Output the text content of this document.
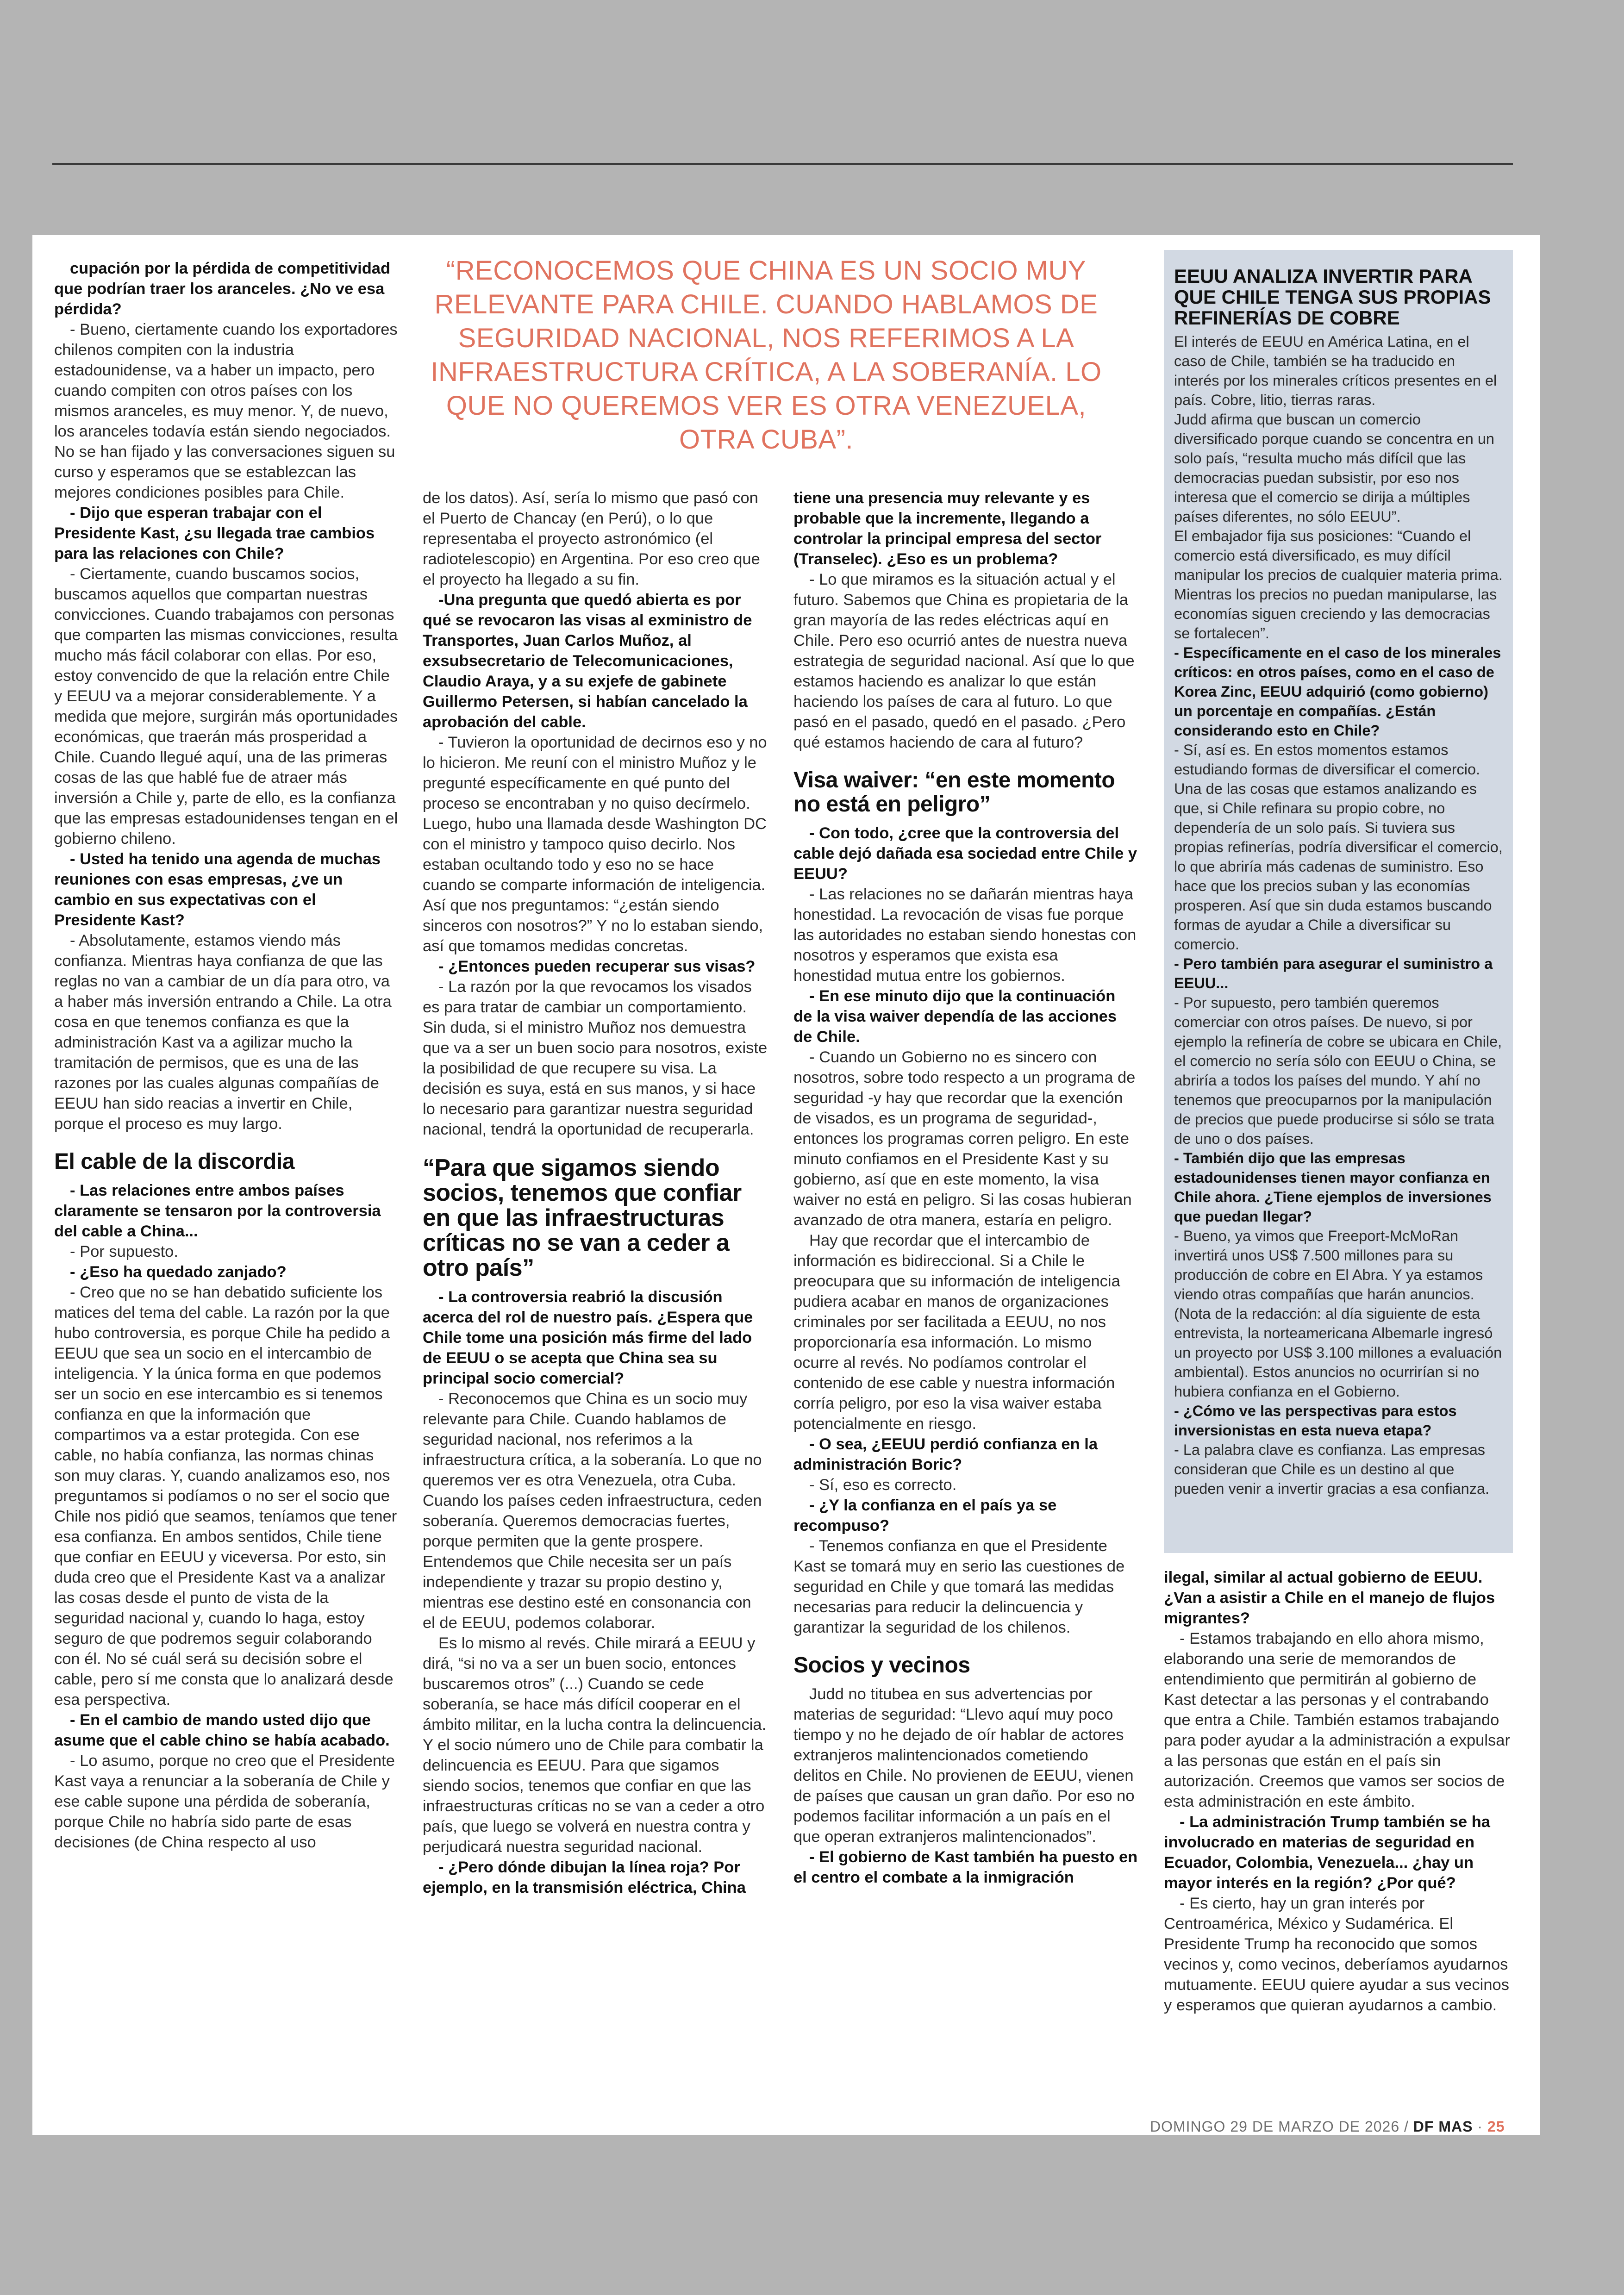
cupación por la pérdida de competitividad que podrían traer los aranceles. ¿No ve esa pérdida?

- Bueno, ciertamente cuando los exportadores chilenos compiten con la industria estadounidense, va a haber un impacto, pero cuando compiten con otros países con los mismos aranceles, es muy menor. Y, de nuevo, los aranceles todavía están siendo negociados. No se han fijado y las conversaciones siguen su curso y esperamos que se establezcan las mejores condiciones posibles para Chile.

- Dijo que esperan trabajar con el Presidente Kast, ¿su llegada trae cambios para las relaciones con Chile?

- Ciertamente, cuando buscamos socios, buscamos aquellos que compartan nuestras convicciones. Cuando trabajamos con personas que comparten las mismas convicciones, resulta mucho más fácil colaborar con ellas. Por eso, estoy convencido de que la relación entre Chile y EEUU va a mejorar considerablemente. Y a medida que mejore, surgirán más oportunidades económicas, que traerán más prosperidad a Chile. Cuando llegué aquí, una de las primeras cosas de las que hablé fue de atraer más inversión a Chile y, parte de ello, es la confianza que las empresas estadounidenses tengan en el gobierno chileno.

- Usted ha tenido una agenda de muchas reuniones con esas empresas, ¿ve un cambio en sus expectativas con el Presidente Kast?

- Absolutamente, estamos viendo más confianza. Mientras haya confianza de que las reglas no van a cambiar de un día para otro, va a haber más inversión entrando a Chile. La otra cosa en que tenemos confianza es que la administración Kast va a agilizar mucho la tramitación de permisos, que es una de las razones por las cuales algunas compañías de EEUU han sido reacias a invertir en Chile, porque el proceso es muy largo.

El cable de la discordia

- Las relaciones entre ambos países claramente se tensaron por la controversia del cable a China...

- Por supuesto.

- ¿Eso ha quedado zanjado?

- Creo que no se han debatido suficiente los matices del tema del cable. La razón por la que hubo controversia, es porque Chile ha pedido a EEUU que sea un socio en el intercambio de inteligencia. Y la única forma en que podemos ser un socio en ese intercambio es si tenemos confianza en que la información que compartimos va a estar protegida. Con ese cable, no había confianza, las normas chinas son muy claras. Y, cuando analizamos eso, nos preguntamos si podíamos o no ser el socio que Chile nos pidió que seamos, teníamos que tener esa confianza. En ambos sentidos, Chile tiene que confiar en EEUU y viceversa. Por esto, sin duda creo que el Presidente Kast va a analizar las cosas desde el punto de vista de la seguridad nacional y, cuando lo haga, estoy seguro de que podremos seguir colaborando con él. No sé cuál será su decisión sobre el cable, pero sí me consta que lo analizará desde esa perspectiva.

- En el cambio de mando usted dijo que asume que el cable chino se había acabado.

- Lo asumo, porque no creo que el Presidente Kast vaya a renunciar a la soberanía de Chile y ese cable supone una pérdida de soberanía, porque Chile no habría sido parte de esas decisiones (de China respecto al uso

“RECONOCEMOS QUE CHINA ES UN SOCIO MUY RELEVANTE PARA CHILE. CUANDO HABLAMOS DE SEGURIDAD NACIONAL, NOS REFERIMOS A LA INFRAESTRUCTURA CRÍTICA, A LA SOBERANÍA. LO QUE NO QUEREMOS VER ES OTRA VENEZUELA, OTRA CUBA”.

de los datos). Así, sería lo mismo que pasó con el Puerto de Chancay (en Perú), o lo que representaba el proyecto astronómico (el radiotelescopio) en Argentina. Por eso creo que el proyecto ha llegado a su fin.

-Una pregunta que quedó abierta es por qué se revocaron las visas al exministro de Transportes, Juan Carlos Muñoz, al exsubsecretario de Telecomunicaciones, Claudio Araya, y a su exjefe de gabinete Guillermo Petersen, si habían cancelado la aprobación del cable.

- Tuvieron la oportunidad de decirnos eso y no lo hicieron. Me reuní con el ministro Muñoz y le pregunté específicamente en qué punto del proceso se encontraban y no quiso decírmelo. Luego, hubo una llamada desde Washington DC con el ministro y tampoco quiso decirlo. Nos estaban ocultando todo y eso no se hace cuando se comparte información de inteligencia. Así que nos preguntamos: “¿están siendo sinceros con nosotros?” Y no lo estaban siendo, así que tomamos medidas concretas.

- ¿Entonces pueden recuperar sus visas?

- La razón por la que revocamos los visados es para tratar de cambiar un comportamiento. Sin duda, si el ministro Muñoz nos demuestra que va a ser un buen socio para nosotros, existe la posibilidad de que recupere su visa. La decisión es suya, está en sus manos, y si hace lo necesario para garantizar nuestra seguridad nacional, tendrá la oportunidad de recuperarla.

“Para que sigamos siendo socios, tenemos que confiar en que las infraestructuras críticas no se van a ceder a otro país”

- La controversia reabrió la discusión acerca del rol de nuestro país. ¿Espera que Chile tome una posición más firme del lado de EEUU o se acepta que China sea su principal socio comercial?

- Reconocemos que China es un socio muy relevante para Chile. Cuando hablamos de seguridad nacional, nos referimos a la infraestructura crítica, a la soberanía. Lo que no queremos ver es otra Venezuela, otra Cuba. Cuando los países ceden infraestructura, ceden soberanía. Queremos democracias fuertes, porque permiten que la gente prospere. Entendemos que Chile necesita ser un país independiente y trazar su propio destino y, mientras ese destino esté en consonancia con el de EEUU, podemos colaborar.

Es lo mismo al revés. Chile mirará a EEUU y dirá, “si no va a ser un buen socio, entonces buscaremos otros” (...) Cuando se cede soberanía, se hace más difícil cooperar en el ámbito militar, en la lucha contra la delincuencia. Y el socio número uno de Chile para combatir la delincuencia es EEUU. Para que sigamos siendo socios, tenemos que confiar en que las infraestructuras críticas no se van a ceder a otro país, que luego se volverá en nuestra contra y perjudicará nuestra seguridad nacional.

- ¿Pero dónde dibujan la línea roja? Por ejemplo, en la transmisión eléctrica, China

tiene una presencia muy relevante y es probable que la incremente, llegando a controlar la principal empresa del sector (Transelec). ¿Eso es un problema?

- Lo que miramos es la situación actual y el futuro. Sabemos que China es propietaria de la gran mayoría de las redes eléctricas aquí en Chile. Pero eso ocurrió antes de nuestra nueva estrategia de seguridad nacional. Así que lo que estamos haciendo es analizar lo que están haciendo los países de cara al futuro. Lo que pasó en el pasado, quedó en el pasado. ¿Pero qué estamos haciendo de cara al futuro?

Visa waiver: “en este momento no está en peligro”

- Con todo, ¿cree que la controversia del cable dejó dañada esa sociedad entre Chile y EEUU?

- Las relaciones no se dañarán mientras haya honestidad. La revocación de visas fue porque las autoridades no estaban siendo honestas con nosotros y esperamos que exista esa honestidad mutua entre los gobiernos.

- En ese minuto dijo que la continuación de la visa waiver dependía de las acciones de Chile.

- Cuando un Gobierno no es sincero con nosotros, sobre todo respecto a un programa de seguridad -y hay que recordar que la exención de visados, es un programa de seguridad-, entonces los programas corren peligro. En este minuto confiamos en el Presidente Kast y su gobierno, así que en este momento, la visa waiver no está en peligro. Si las cosas hubieran avanzado de otra manera, estaría en peligro.

Hay que recordar que el intercambio de información es bidireccional. Si a Chile le preocupara que su información de inteligencia pudiera acabar en manos de organizaciones criminales por ser facilitada a EEUU, no nos proporcionaría esa información. Lo mismo ocurre al revés. No podíamos controlar el contenido de ese cable y nuestra información corría peligro, por eso la visa waiver estaba potencialmente en riesgo.

- O sea, ¿EEUU perdió confianza en la administración Boric?

- Sí, eso es correcto.

- ¿Y la confianza en el país ya se recompuso?

- Tenemos confianza en que el Presidente Kast se tomará muy en serio las cuestiones de seguridad en Chile y que tomará las medidas necesarias para reducir la delincuencia y garantizar la seguridad de los chilenos.

Socios y vecinos

Judd no titubea en sus advertencias por materias de seguridad: “Llevo aquí muy poco tiempo y no he dejado de oír hablar de actores extranjeros malintencionados cometiendo delitos en Chile. No provienen de EEUU, vienen de países que causan un gran daño. Por eso no podemos facilitar información a un país en el que operan extranjeros malintencionados”.

- El gobierno de Kast también ha puesto en el centro el combate a la inmigración

EEUU ANALIZA INVERTIR PARA QUE CHILE TENGA SUS PROPIAS REFINERÍAS DE COBRE

El interés de EEUU en América Latina, en el caso de Chile, también se ha traducido en interés por los minerales críticos presentes en el país. Cobre, litio, tierras raras.

Judd afirma que buscan un comercio diversificado porque cuando se concentra en un solo país, “resulta mucho más difícil que las democracias puedan subsistir, por eso nos interesa que el comercio se dirija a múltiples países diferentes, no sólo EEUU”.

El embajador fija sus posiciones: “Cuando el comercio está diversificado, es muy difícil manipular los precios de cualquier materia prima. Mientras los precios no puedan manipularse, las economías siguen creciendo y las democracias se fortalecen”.

- Específicamente en el caso de los minerales críticos: en otros países, como en el caso de Korea Zinc, EEUU adquirió (como gobierno) un porcentaje en compañías. ¿Están considerando esto en Chile?

- Sí, así es. En estos momentos estamos estudiando formas de diversificar el comercio. Una de las cosas que estamos analizando es que, si Chile refinara su propio cobre, no dependería de un solo país. Si tuviera sus propias refinerías, podría diversificar el comercio, lo que abriría más cadenas de suministro. Eso hace que los precios suban y las economías prosperen. Así que sin duda estamos buscando formas de ayudar a Chile a diversificar su comercio.

- Pero también para asegurar el suministro a EEUU...

- Por supuesto, pero también queremos comerciar con otros países. De nuevo, si por ejemplo la refinería de cobre se ubicara en Chile, el comercio no sería sólo con EEUU o China, se abriría a todos los países del mundo. Y ahí no tenemos que preocuparnos por la manipulación de precios que puede producirse si sólo se trata de uno o dos países.

- También dijo que las empresas estadounidenses tienen mayor confianza en Chile ahora. ¿Tiene ejemplos de inversiones que puedan llegar?

- Bueno, ya vimos que Freeport-McMoRan invertirá unos US$ 7.500 millones para su producción de cobre en El Abra. Y ya estamos viendo otras compañías que harán anuncios. (Nota de la redacción: al día siguiente de esta entrevista, la norteamericana Albemarle ingresó un proyecto por US$ 3.100 millones a evaluación ambiental). Estos anuncios no ocurrirían si no hubiera confianza en el Gobierno.

- ¿Cómo ve las perspectivas para estos inversionistas en esta nueva etapa?

- La palabra clave es confianza. Las empresas consideran que Chile es un destino al que pueden venir a invertir gracias a esa confianza.

ilegal, similar al actual gobierno de EEUU. ¿Van a asistir a Chile en el manejo de flujos migrantes?

- Estamos trabajando en ello ahora mismo, elaborando una serie de memorandos de entendimiento que permitirán al gobierno de Kast detectar a las personas y el contrabando que entra a Chile. También estamos trabajando para poder ayudar a la administración a expulsar a las personas que están en el país sin autorización. Creemos que vamos ser socios de esta administración en este ámbito.

- La administración Trump también se ha involucrado en materias de seguridad en Ecuador, Colombia, Venezuela... ¿hay un mayor interés en la región? ¿Por qué?

- Es cierto, hay un gran interés por Centroamérica, México y Sudamérica. El Presidente Trump ha reconocido que somos vecinos y, como vecinos, deberíamos ayudarnos mutuamente. EEUU quiere ayudar a sus vecinos y esperamos que quieran ayudarnos a cambio.

DOMINGO 29 DE MARZO DE 2026 / DF MAS · 25
